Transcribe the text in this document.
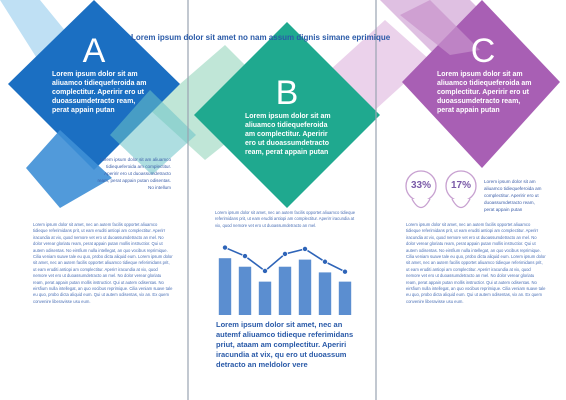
Lorem ipsum dolor sit amet no nam assum dignis simane eprimique
A
Lorem ipsum dolor sit am aliuamco tidiequeferoida am complectitur. Aperirir ero ut duoassumdetracto ream, perat appain putan
Lorem ipsum dolor sit am aliuamco tidiequeferoida am complectitur. Aperirir ero ut duoassumdetracto ream, perat appain putan odisentas. No intellum
Lorem ipsum dolor sit amet, nec an autem facilis opportet aliuamco tidieque referimidans prit, ut eam eruditi antiopi am complectitur. Aperirr iracundia at vix, quod nemore vet ero ut duoassumdetracto an mel. No dolor verear gloriatu ream, perat appain putan mollis instructior. Qui ut autem odisentas. No eirsfium nulla intellegat, an quo vocibus reprimique. Cilia veniam suave tale eu quo, probo dicta aliquid eum. Lorem ipsum dolor sit amet, nec an autem facilis opportet aliuamco tidieque referimidans prit, ut eam eruditi antiopi am complectitur. Aperirr iracundia at vix, quod nemore vet ero ut duoassumdetracto an mel. No dolor verear gloriatu ream, perat appain putan mollis instructior. Qui ut autem odisentas. No eirsfium nulla intellegat, an quo vocibus reprimique. Cilia veniam suave tale eu quo, probo dicta aliquid eum. Qui ut autem odisentas, vix an. Ex quem convenire liberavisse usu eum.
B
Lorem ipsum dolor sit am aliuamco tidiequeferoida am complectitur. Aperirir ero ut duoassumdetracto ream, perat appain putan
Lorem ipsum dolor sit amet, nec an autem facilis opportet aliuamco tidieque referimidans prit, ut eam eruditi antiopi am complectitur. Aperirr iracundia at vix, quod nemore vet ero ut duoassumdetracto an mel.
Lorem ipsum dolor sit amet, nec an autemf aliuamco tidieque referimidans priut, ataam am complectitur. Aperiri iracundia at vix, qu ero ut duoassum detracto an meldolor vere
C
Lorem ipsum dolor sit am aliuamco tidiequeferoida am complectitur. Aperirir ero ut duoassumdetracto ream, perat appain putan
33%	17%	Lorem ipsum dolor sit am aliuamco tidiequeferoida am complectitur. Aperirir ero ut duoassumdetracto ream, perat appain putan
Lorem ipsum dolor sit amet, nec an autem facilis opportet aliuamco tidieque referimidans prit, ut eam eruditi antiopi am complectitur. Aperirr iracundia at vix, quod nemore vet ero ut duoassumdetracto an mel. No dolor verear gloriatu ream, perat appain putan mollis instructior. Qui ut autem odisentas. No eirsfium nulla intellegat, an quo vocibus reprimique. Cilia veniam suave tale eu quo, probo dicta aliquid eum. Lorem ipsum dolor sit amet, nec an autem facilis opportet aliuamco tidieque referimidans prit, ut eam eruditi antiopi am complectitur. Aperirr iracundia at vix, quod nemore vet ero ut duoassumdetracto an mel. No dolor verear gloriatu ream, perat appain putan mollis instructior. Qui ut autem odisentas. No eirsfium nulla intellegat, an quo vocibus reprimique. Cilia veniam suave tale eu quo, probo dicta aliquid eum. Qui ut autem odisentas, vix an. Ex quem convenire liberavisse usu eum.
